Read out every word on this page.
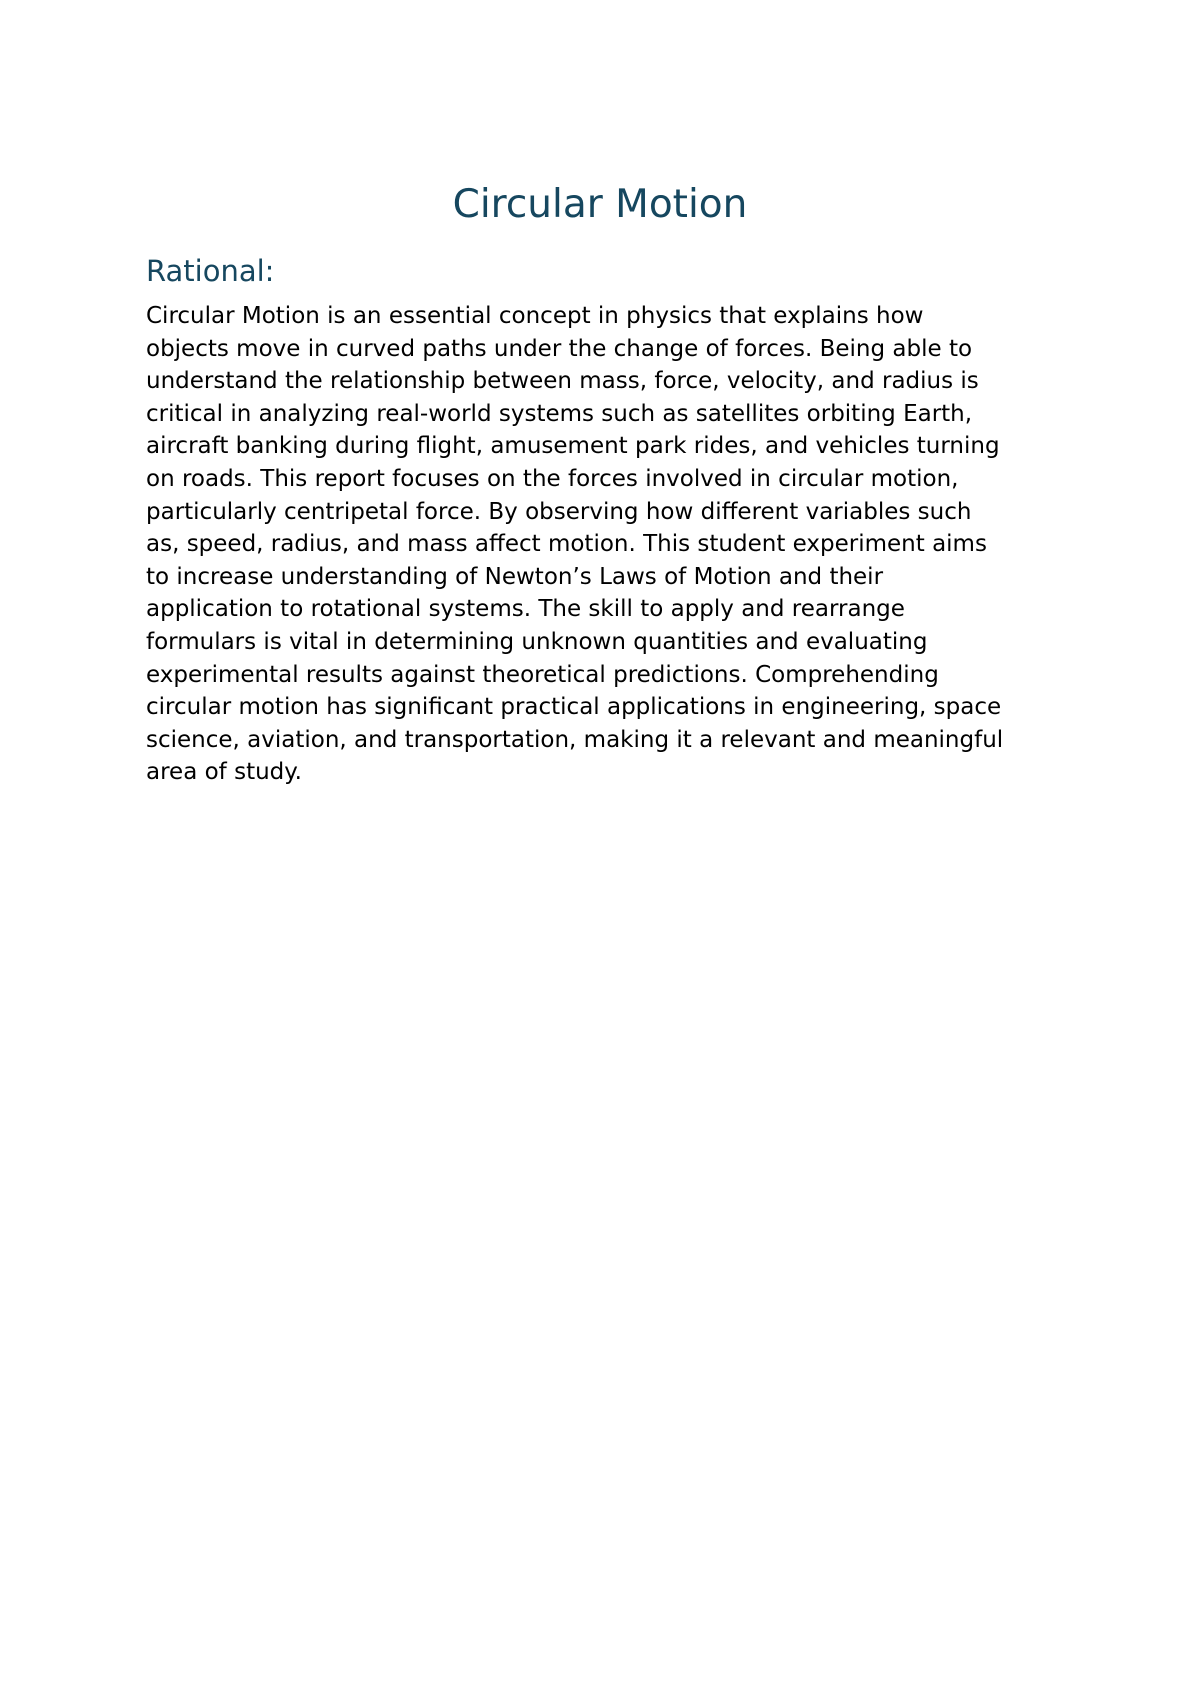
Circular Motion
Rational:

Circular Motion is an essential concept in physics that explains how
objects move in curved paths under the change of forces. Being able to
understand the relationship between mass, force, velocity, and radius is
critical in analyzing real-world systems such as satellites orbiting Earth,
aircraft banking during flight, amusement park rides, and vehicles turning
on roads. This report focuses on the forces involved in circular motion,
particularly centripetal force. By observing how different variables such
as, speed, radius, and mass affect motion. This student experiment aims
to increase understanding of Newton’s Laws of Motion and their
application to rotational systems. The skill to apply and rearrange
formulars is vital in determining unknown quantities and evaluating
experimental results against theoretical predictions. Comprehending
circular motion has significant practical applications in engineering, space
science, aviation, and transportation, making it a relevant and meaningful
area of study.
